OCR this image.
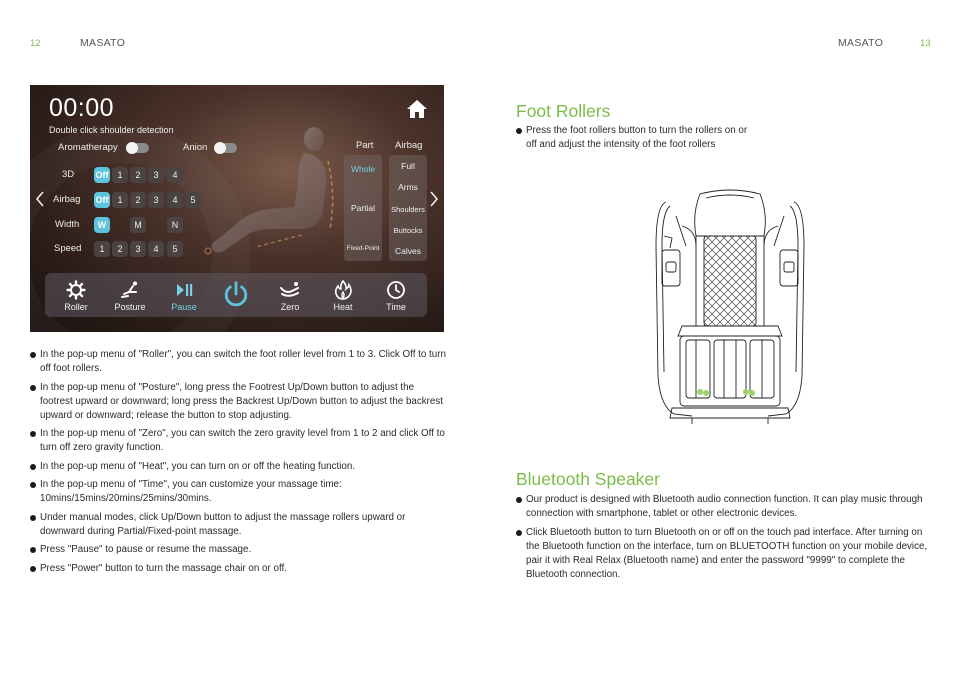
12	MASATO	MASATO	13
00:00
Double click shoulder detection
Aromatherapy	Anion
3D Off 1	2	3	4
Airbag Off 1	2	3	4	5
Width	W	M	N
Speed	1	2	3	4	5
Part
Whole
Partial
Fixed-Point
Airbag
Full
Arms
Shoulders
Buttocks
Calves
Roller	Posture	Pause	Zero	Heat	Time
In the pop-up menu of "Roller", you can switch the foot roller level from 1 to 3. Click Off to turn off foot rollers.
In the pop-up menu of "Posture", long press the Footrest Up/Down button to adjust the footrest upward or downward; long press the Backrest Up/Down button to adjust the backrest upward or downward; release the button to stop adjusting.
In the pop-up menu of "Zero", you can switch the zero gravity level from 1 to 2 and click Off to turn off zero gravity function.
In the pop-up menu of "Heat", you can turn on or off the heating function.
In the pop-up menu of "Time", you can customize your massage time: 10mins/15mins/20mins/25mins/30mins.
Under manual modes, click Up/Down button to adjust the massage rollers upward or downward during Partial/Fixed-point massage.
Press "Pause" to pause or resume the massage.
Press "Power" button to turn the massage chair on or off.
Foot Rollers
Press the foot rollers button to turn the rollers on or off and adjust the intensity of the foot rollers
Bluetooth Speaker
Our product is designed with Bluetooth audio connection function. It can play music through connection with smartphone, tablet or other electronic devices.
Click Bluetooth button to turn Bluetooth on or off on the touch pad interface. After turning on the Bluetooth function on the interface, turn on BLUETOOTH function on your mobile device, pair it with Real Relax (Bluetooth name) and enter the password "9999" to complete the Bluetooth connection.
